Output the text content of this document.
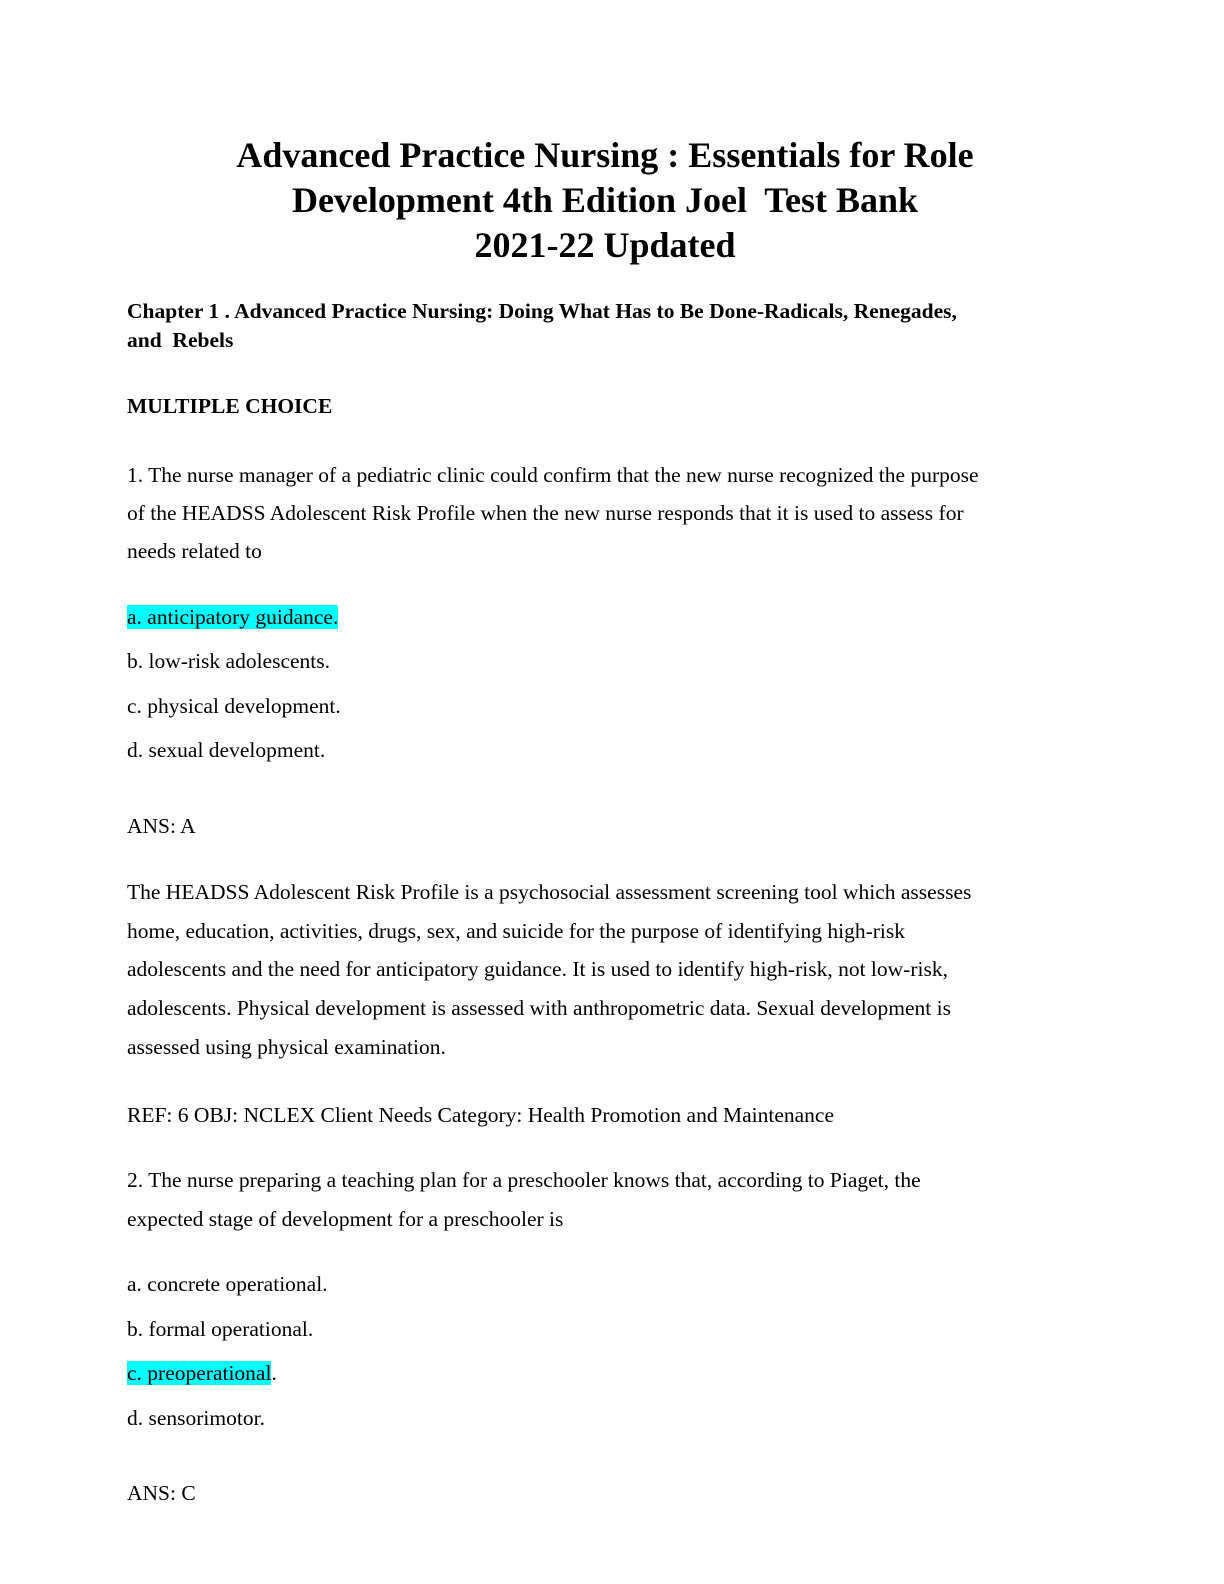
Advanced Practice Nursing : Essentials for Role
Development 4th Edition Joel  Test Bank
2021-22 Updated
Chapter 1 . Advanced Practice Nursing: Doing What Has to Be Done-Radicals, Renegades,
and  Rebels
MULTIPLE CHOICE
1. The nurse manager of a pediatric clinic could confirm that the new nurse recognized the purpose
of the HEADSS Adolescent Risk Profile when the new nurse responds that it is used to assess for
needs related to
a. anticipatory guidance.
b. low-risk adolescents.
c. physical development.
d. sexual development.
ANS: A
The HEADSS Adolescent Risk Profile is a psychosocial assessment screening tool which assesses
home, education, activities, drugs, sex, and suicide for the purpose of identifying high-risk
adolescents and the need for anticipatory guidance. It is used to identify high-risk, not low-risk,
adolescents. Physical development is assessed with anthropometric data. Sexual development is
assessed using physical examination.
REF: 6 OBJ: NCLEX Client Needs Category: Health Promotion and Maintenance
2. The nurse preparing a teaching plan for a preschooler knows that, according to Piaget, the
expected stage of development for a preschooler is
a. concrete operational.
b. formal operational.
c. preoperational.
d. sensorimotor.
ANS: C
